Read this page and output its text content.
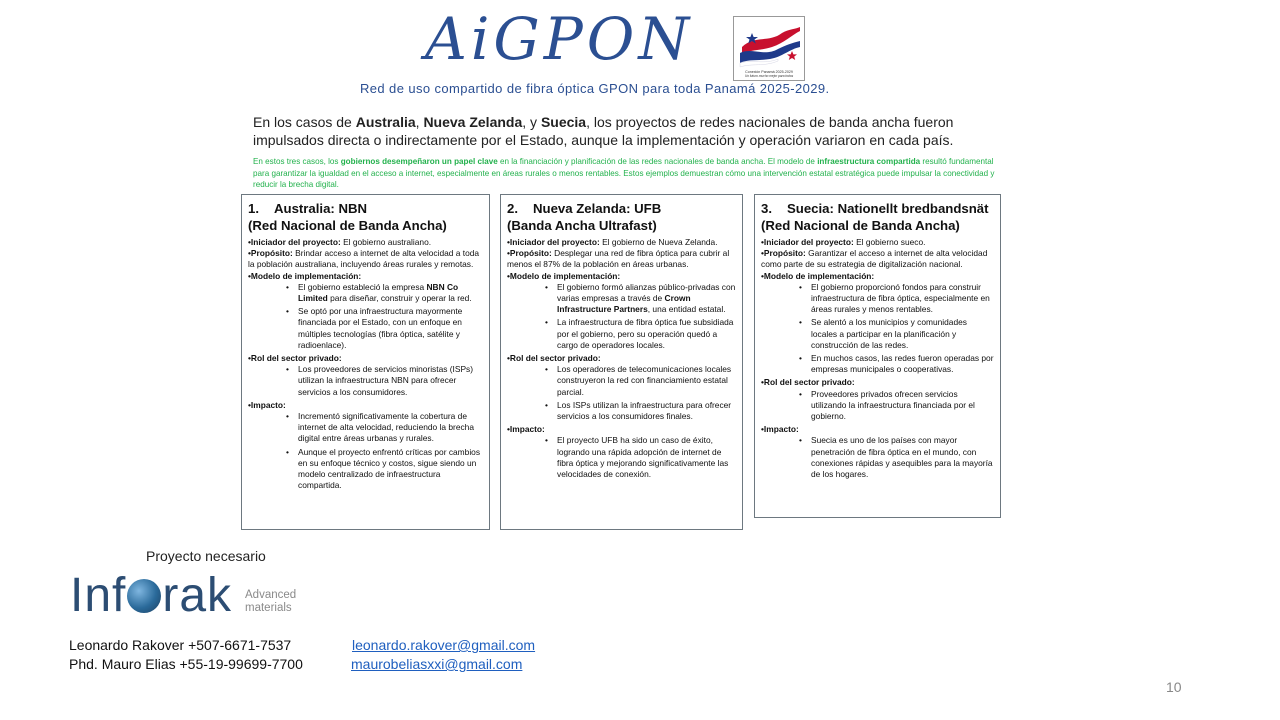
AiGPON	Conexión Panamá 2025-2029
Un futuro mucho mejor para todos
Red de uso compartido de fibra óptica GPON para toda Panamá 2025-2029.
En los casos de Australia, Nueva Zelanda, y Suecia, los proyectos de redes nacionales de banda ancha fueron impulsados directa o indirectamente por el Estado, aunque la implementación y operación variaron en cada país.
En estos tres casos, los gobiernos desempeñaron un papel clave en la financiación y planificación de las redes nacionales de banda ancha. El modelo de infraestructura compartida resultó fundamental para garantizar la igualdad en el acceso a internet, especialmente en áreas rurales o menos rentables. Estos ejemplos demuestran cómo una intervención estatal estratégica puede impulsar la conectividad y reducir la brecha digital.
1.	Australia: NBN
(Red Nacional de Banda Ancha)

•Iniciador del proyecto: El gobierno australiano.

•Propósito: Brindar acceso a internet de alta velocidad a toda la población australiana, incluyendo áreas rurales y remotas.

•Modelo de implementación:

• El gobierno estableció la empresa NBN Co Limited para diseñar, construir y operar la red.
• Se optó por una infraestructura mayormente financiada por el Estado, con un enfoque en múltiples tecnologías (fibra óptica, satélite y radioenlace).

•Rol del sector privado:

• Los proveedores de servicios minoristas (ISPs) utilizan la infraestructura NBN para ofrecer servicios a los consumidores.

•Impacto:

• Incrementó significativamente la cobertura de internet de alta velocidad, reduciendo la brecha digital entre áreas urbanas y rurales.
• Aunque el proyecto enfrentó críticas por cambios en su enfoque técnico y costos, sigue siendo un modelo centralizado de infraestructura compartida.
2.	Nueva Zelanda: UFB
(Banda Ancha Ultrafast)

•Iniciador del proyecto: El gobierno de Nueva Zelanda.

•Propósito: Desplegar una red de fibra óptica para cubrir al menos el 87% de la población en áreas urbanas.

•Modelo de implementación:

• El gobierno formó alianzas público-privadas con varias empresas a través de Crown Infrastructure Partners, una entidad estatal.
• La infraestructura de fibra óptica fue subsidiada por el gobierno, pero su operación quedó a cargo de operadores locales.

•Rol del sector privado:

• Los operadores de telecomunicaciones locales construyeron la red con financiamiento estatal parcial.
• Los ISPs utilizan la infraestructura para ofrecer servicios a los consumidores finales.

•Impacto:

• El proyecto UFB ha sido un caso de éxito, logrando una rápida adopción de internet de fibra óptica y mejorando significativamente las velocidades de conexión.
3.	Suecia: Nationellt bredbandsnät
(Red Nacional de Banda Ancha)

•Iniciador del proyecto: El gobierno sueco.

•Propósito: Garantizar el acceso a internet de alta velocidad como parte de su estrategia de digitalización nacional.

•Modelo de implementación:

• El gobierno proporcionó fondos para construir infraestructura de fibra óptica, especialmente en áreas rurales y menos rentables.
• Se alentó a los municipios y comunidades locales a participar en la planificación y construcción de las redes.
• En muchos casos, las redes fueron operadas por empresas municipales o cooperativas.

•Rol del sector privado:

• Proveedores privados ofrecen servicios utilizando la infraestructura financiada por el gobierno.

•Impacto:

• Suecia es uno de los países con mayor penetración de fibra óptica en el mundo, con conexiones rápidas y asequibles para la mayoría de los hogares.
Proyecto necesario
Inf rak Advanced
materials
Leonardo Rakover +507-6671-7537	leonardo.rakover@gmail.com
Phd. Mauro Elias +55-19-99699-7700	maurobeliasxxi@gmail.com
10
